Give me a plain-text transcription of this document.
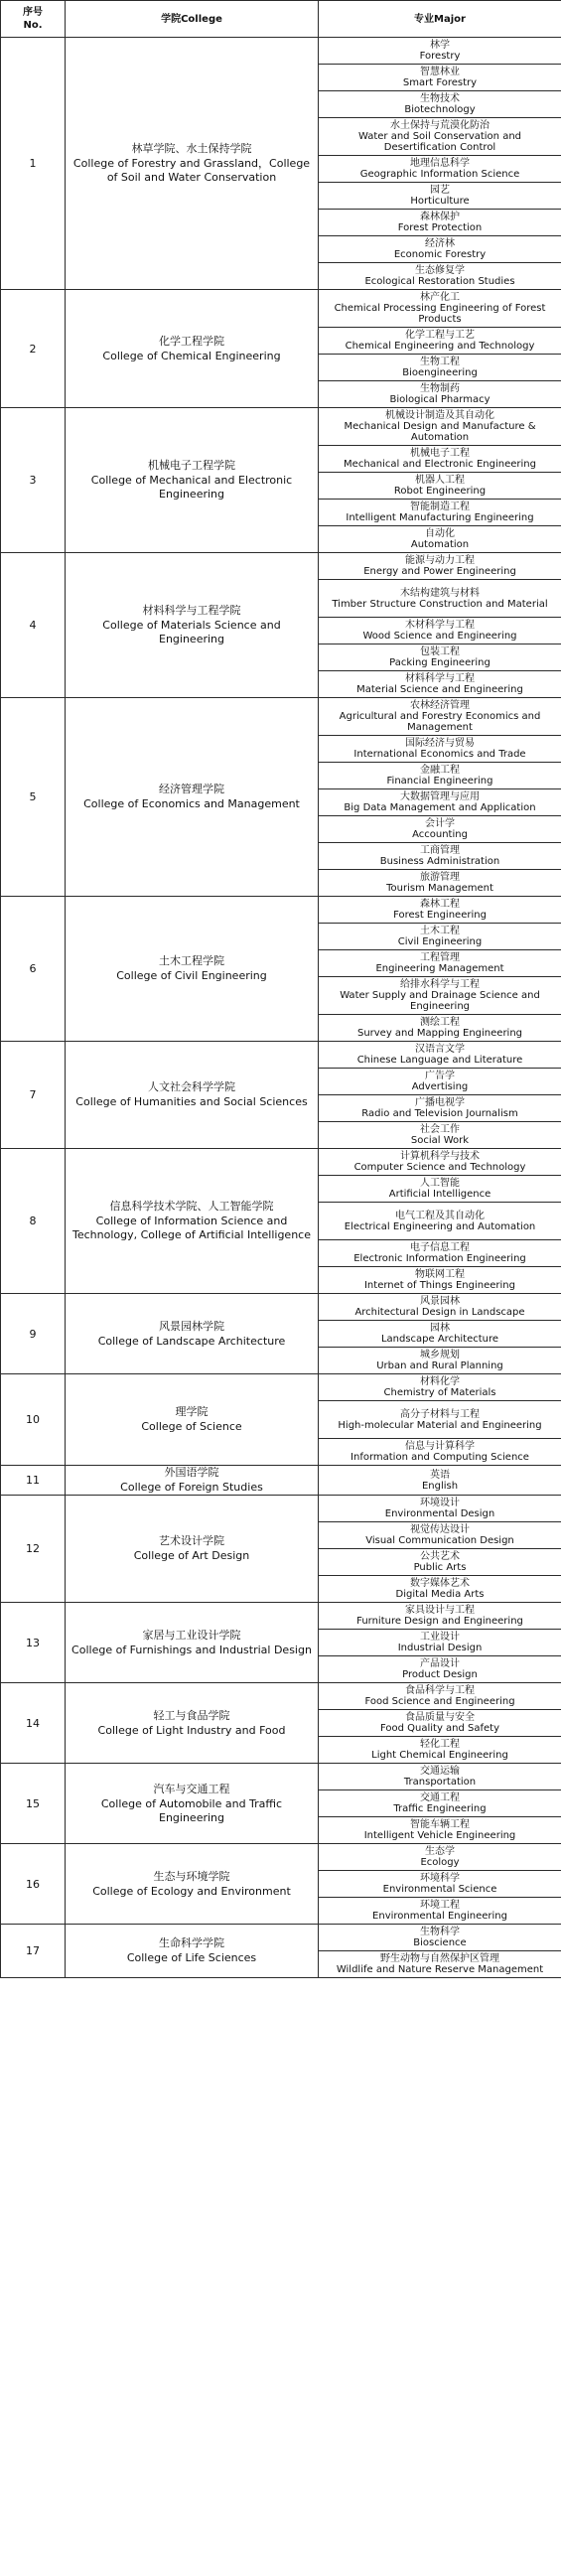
序号
No.	学院College	专业Major
1	林草学院、水土保持学院
College of Forestry and Grassland，College of Soil and Water Conservation	林学
Forestry

		智慧林业
Smart Forestry

		生物技术
Biotechnology

		水土保持与荒漠化防治
Water and Soil Conservation and Desertification Control

		地理信息科学
Geographic Information Science

		园艺
Horticulture

		森林保护
Forest Protection

		经济林
Economic Forestry

		生态修复学
Ecological Restoration Studies

2	化学工程学院
College of Chemical Engineering	林产化工
Chemical Processing Engineering of Forest Products

		化学工程与工艺
Chemical Engineering and Technology

		生物工程
Bioengineering

		生物制药
Biological Pharmacy

3	机械电子工程学院
College of Mechanical and Electronic Engineering	机械设计制造及其自动化
Mechanical Design and Manufacture & Automation

		机械电子工程
Mechanical and Electronic Engineering

		机器人工程
Robot Engineering

		智能制造工程
Intelligent Manufacturing Engineering

		自动化
Automation

4	材料科学与工程学院
College of Materials Science and Engineering	能源与动力工程
Energy and Power Engineering

		木结构建筑与材料
Timber Structure Construction and Material

		木材科学与工程
Wood Science and Engineering

		包装工程
Packing Engineering

		材料科学与工程
Material Science and Engineering

5	经济管理学院
College of Economics and Management	农林经济管理
Agricultural and Forestry Economics and Management

		国际经济与贸易
International Economics and Trade

		金融工程
Financial Engineering

		大数据管理与应用
Big Data Management and Application

		会计学
Accounting

		工商管理
Business Administration

		旅游管理
Tourism Management

6	土木工程学院
College of Civil Engineering	森林工程
Forest Engineering

		土木工程
Civil Engineering

		工程管理
Engineering Management

		给排水科学与工程
Water Supply and Drainage Science and Engineering

		测绘工程
Survey and Mapping Engineering

7	人文社会科学学院
College of Humanities and Social Sciences	汉语言文学
Chinese Language and Literature

		广告学
Advertising

		广播电视学
Radio and Television Journalism

		社会工作
Social Work

8	信息科学技术学院、人工智能学院
College of Information Science and Technology, College of Artificial Intelligence	计算机科学与技术
Computer Science and Technology

		人工智能
Artificial Intelligence

		电气工程及其自动化
Electrical Engineering and Automation

		电子信息工程
Electronic Information Engineering

		物联网工程
Internet of Things Engineering

9	风景园林学院
College of Landscape Architecture	风景园林
Architectural Design in Landscape

		园林
Landscape Architecture

		城乡规划
Urban and Rural Planning

10	理学院
College of Science	材料化学
Chemistry of Materials

		高分子材料与工程
High-molecular Material and Engineering

		信息与计算科学
Information and Computing Science

11	外国语学院
College of Foreign Studies	英语
English

12	艺术设计学院
College of Art Design	环境设计
Environmental Design

		视觉传达设计
Visual Communication Design

		公共艺术
Public Arts

		数字媒体艺术
Digital Media Arts

13	家居与工业设计学院
College of Furnishings and Industrial Design	家具设计与工程
Furniture Design and Engineering

		工业设计
Industrial Design

		产品设计
Product Design

14	轻工与食品学院
College of Light Industry and Food	食品科学与工程
Food Science and Engineering

		食品质量与安全
Food Quality and Safety

		轻化工程
Light Chemical Engineering

15	汽车与交通工程
College of Automobile and Traffic Engineering	交通运输
Transportation

		交通工程
Traffic Engineering

		智能车辆工程
Intelligent Vehicle Engineering

16	生态与环境学院
College of Ecology and Environment	生态学
Ecology

		环境科学
Environmental Science

		环境工程
Environmental Engineering

17	生命科学学院
College of Life Sciences	生物科学
Bioscience

		野生动物与自然保护区管理
Wildlife and Nature Reserve Management
